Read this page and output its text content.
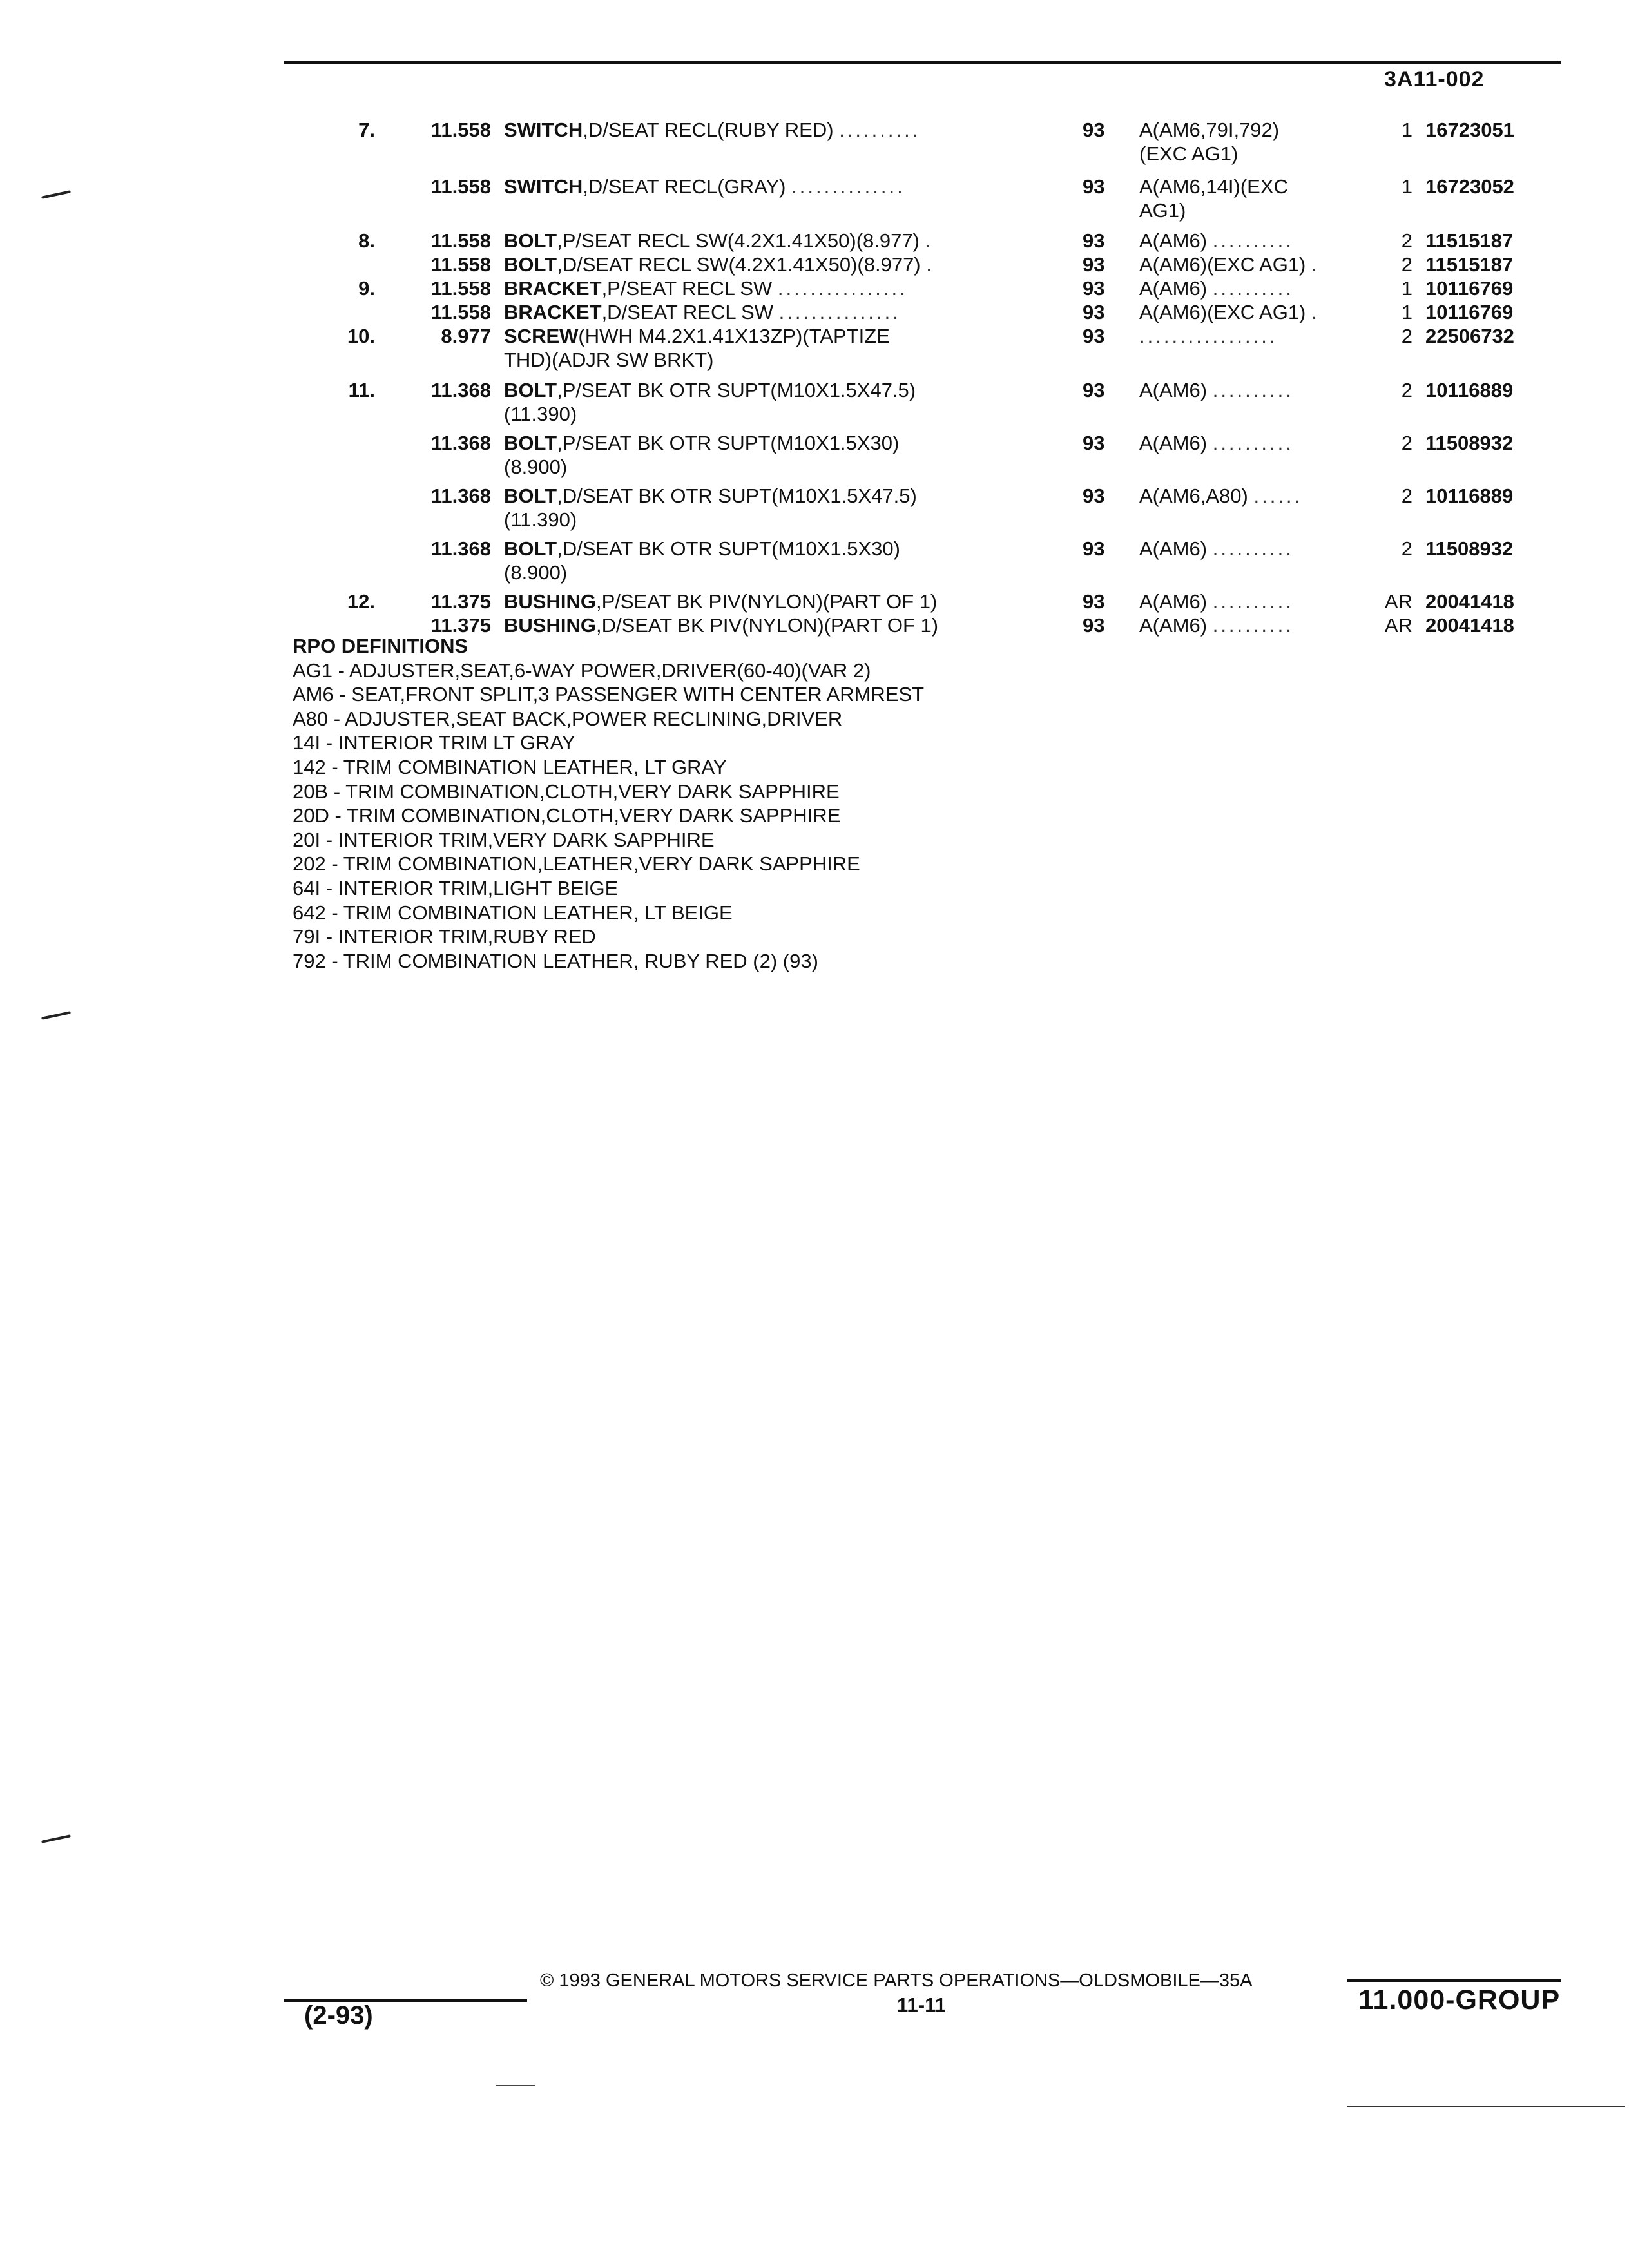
3A11-002
7.	11.558 SWITCH,D/SEAT RECL(RUBY RED) ..........	93	A(AM6,79I,792)	1 16723051
(EXC AG1)
11.558 SWITCH,D/SEAT RECL(GRAY) ..............	93	A(AM6,14I)(EXC	1 16723052
AG1)
8.	11.558 BOLT,P/SEAT RECL SW(4.2X1.41X50)(8.977) .	93	A(AM6) ..........	2 11515187
11.558 BOLT,D/SEAT RECL SW(4.2X1.41X50)(8.977) .	93	A(AM6)(EXC AG1) .	2 11515187
9.	11.558 BRACKET,P/SEAT RECL SW ................	93	A(AM6) ..........	1 10116769
11.558 BRACKET,D/SEAT RECL SW ...............	93	A(AM6)(EXC AG1) .	1 10116769
10.	8.977 SCREW(HWH M4.2X1.41X13ZP)(TAPTIZE	93	.................	2 22506732
THD)(ADJR SW BRKT)
11.	11.368 BOLT,P/SEAT BK OTR SUPT(M10X1.5X47.5)	93	A(AM6) ..........	2 10116889
(11.390)
11.368 BOLT,P/SEAT BK OTR SUPT(M10X1.5X30)	93	A(AM6) ..........	2 11508932
(8.900)
11.368 BOLT,D/SEAT BK OTR SUPT(M10X1.5X47.5)	93	A(AM6,A80) ......	2 10116889
(11.390)
11.368 BOLT,D/SEAT BK OTR SUPT(M10X1.5X30)	93	A(AM6) ..........	2 11508932
(8.900)
12.	11.375 BUSHING,P/SEAT BK PIV(NYLON)(PART OF 1)	93	A(AM6) ..........	AR 20041418
11.375 BUSHING,D/SEAT BK PIV(NYLON)(PART OF 1)	93	A(AM6) ..........	AR 20041418
RPO DEFINITIONS
AG1 - ADJUSTER,SEAT,6-WAY POWER,DRIVER(60-40)(VAR 2)
AM6 - SEAT,FRONT SPLIT,3 PASSENGER WITH CENTER ARMREST
A80 - ADJUSTER,SEAT BACK,POWER RECLINING,DRIVER
14I - INTERIOR TRIM LT GRAY
142 - TRIM COMBINATION LEATHER, LT GRAY
20B - TRIM COMBINATION,CLOTH,VERY DARK SAPPHIRE
20D - TRIM COMBINATION,CLOTH,VERY DARK SAPPHIRE
20I - INTERIOR TRIM,VERY DARK SAPPHIRE
202 - TRIM COMBINATION,LEATHER,VERY DARK SAPPHIRE
64I - INTERIOR TRIM,LIGHT BEIGE
642 - TRIM COMBINATION LEATHER, LT BEIGE
79I - INTERIOR TRIM,RUBY RED
792 - TRIM COMBINATION LEATHER, RUBY RED (2) (93)
© 1993 GENERAL MOTORS SERVICE PARTS OPERATIONS—OLDSMOBILE—35A
11-11
(2-93)	11.000-GROUP
